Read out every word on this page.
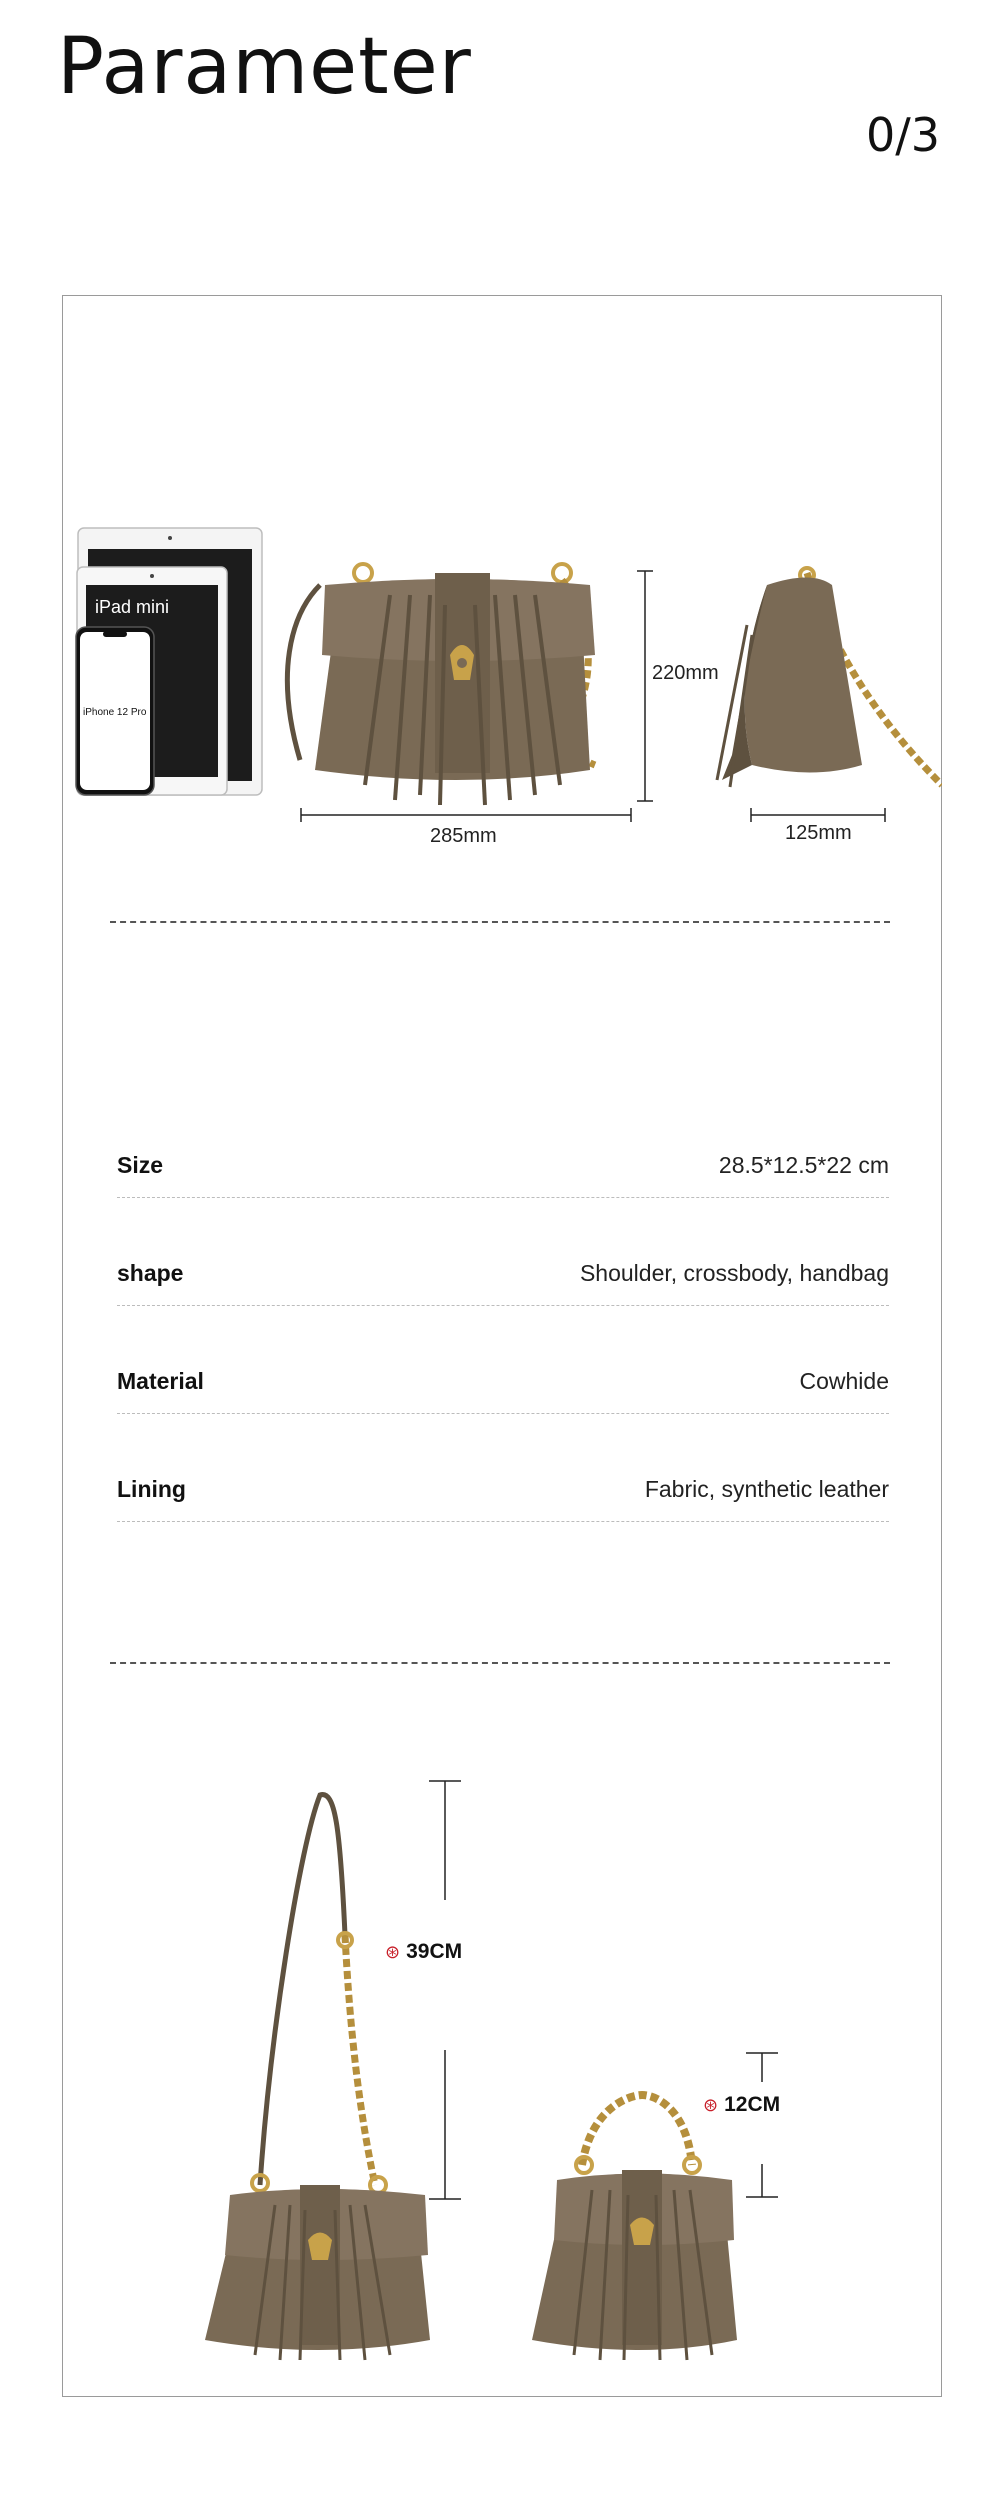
Parameter
0/3
iPad mini
iPhone 12 Pro
220mm
285mm	125mm
Size	28.5*12.5*22 cm
shape	Shoulder, crossbody, handbag
Material	Cowhide
Lining	Fabric, synthetic leather
⊛ 39CM
⊛ 12CM
